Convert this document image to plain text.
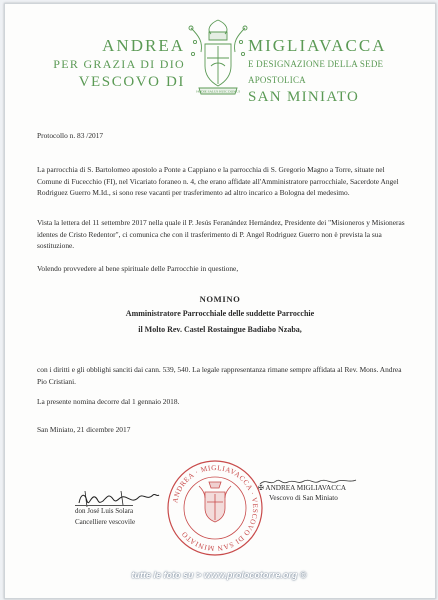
ANDREA
PER GRAZIA DI DIO
VESCOVO DI
HODIE SALUS HUIC DOMUI
MIGLIAVACCA
E DESIGNAZIONE DELLA SEDE APOSTOLICA
SAN MINIATO
Protocollo n. 83 /2017
La parrocchia di S. Bartolomeo apostolo a Ponte a Cappiano e la parrocchia di S. Gregorio Magno a Torre, situate nel Comune di Fucecchio (FI), nel Vicariato foraneo n. 4, che erano affidate all'Amministratore parrocchiale, Sacerdote Angel Rodriguez Guerro M.Id., si sono rese vacanti per trasferimento ad altro incarico a Bologna del medesimo.
Vista la lettera del 11 settembre 2017 nella quale il P. Jesús Feranández Hernández, Presidente dei "Misioneros y Misioneras identes de Cristo Redentor", ci comunica che con il trasferimento di P. Angel Rodriguez Guerro non è prevista la sua sostituzione.
Volendo provvedere al bene spirituale delle Parrocchie in questione,
NOMINO
Amministratore Parrocchiale delle suddette Parrocchie
il Molto Rev. Castel Rostaingue Badiabo Nzaba,
con i diritti e gli obblighi sanciti dai cann. 539, 540. La legale rappresentanza rimane sempre affidata al Rev. Mons. Andrea Pio Cristiani.
La presente nomina decorre dal 1 gennaio 2018.
San Miniato, 21 dicembre 2017
✠ ANDREA MIGLIAVACCA
Vescovo di San Miniato
don José Luis Solara
Cancelliere vescovile
ANDREA · MIGLIAVACCA · VESCOVO DI SAN MINIATO
tutte le foto su > www.prolocotorre.org ©
